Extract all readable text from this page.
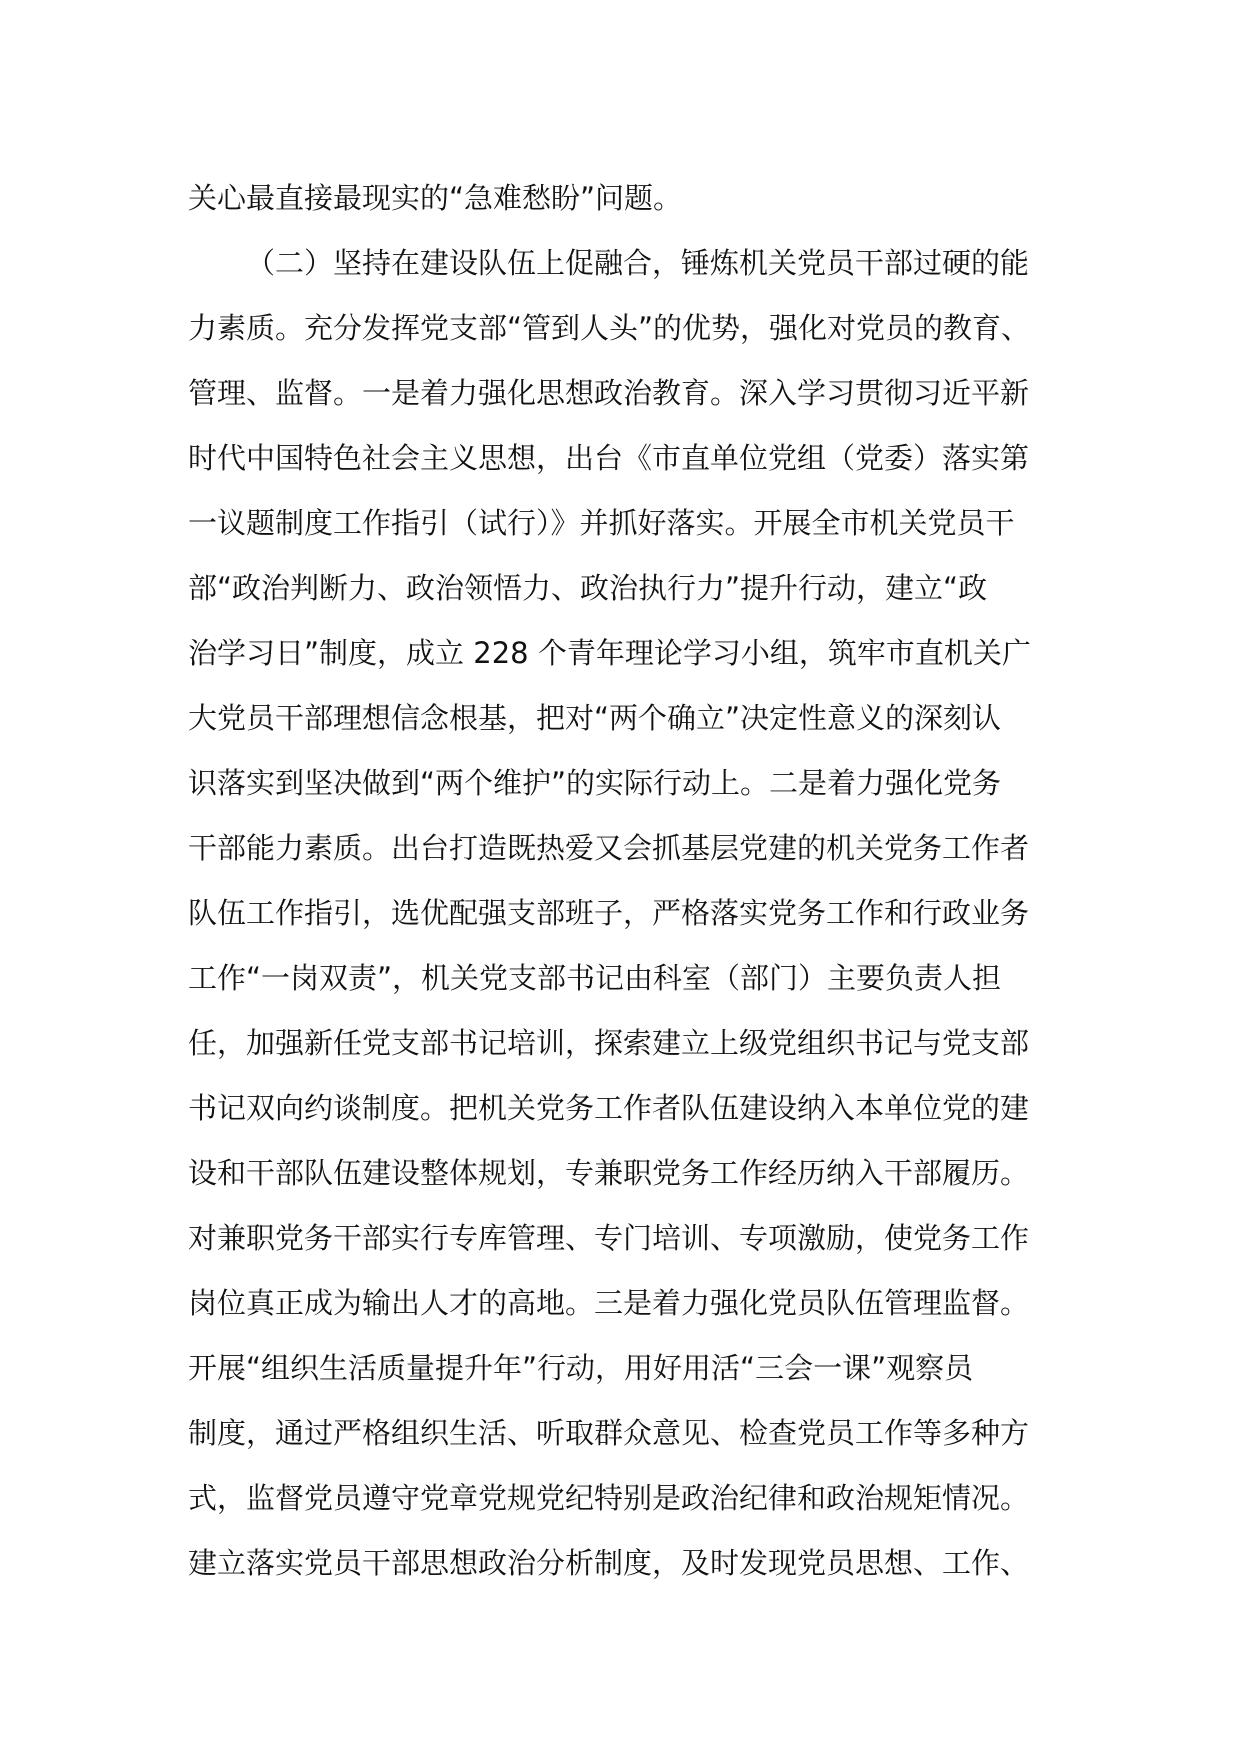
关心最直接最现实的“急难愁盼”问题。
（二）坚持在建设队伍上促融合，锤炼机关党员干部过硬的能
力素质。充分发挥党支部“管到人头”的优势，强化对党员的教育、
管理、监督。一是着力强化思想政治教育。深入学习贯彻习近平新
时代中国特色社会主义思想，出台《市直单位党组（党委）落实第
一议题制度工作指引（试行）》并抓好落实。开展全市机关党员干
部“政治判断力、政治领悟力、政治执行力”提升行动，建立“政
治学习日”制度，成立 228 个青年理论学习小组，筑牢市直机关广
大党员干部理想信念根基，把对“两个确立”决定性意义的深刻认
识落实到坚决做到“两个维护”的实际行动上。二是着力强化党务
干部能力素质。出台打造既热爱又会抓基层党建的机关党务工作者
队伍工作指引，选优配强支部班子，严格落实党务工作和行政业务
工作“一岗双责”，机关党支部书记由科室（部门）主要负责人担
任，加强新任党支部书记培训，探索建立上级党组织书记与党支部
书记双向约谈制度。把机关党务工作者队伍建设纳入本单位党的建
设和干部队伍建设整体规划，专兼职党务工作经历纳入干部履历。
对兼职党务干部实行专库管理、专门培训、专项激励，使党务工作
岗位真正成为输出人才的高地。三是着力强化党员队伍管理监督。
开展“组织生活质量提升年”行动，用好用活“三会一课”观察员
制度，通过严格组织生活、听取群众意见、检查党员工作等多种方
式，监督党员遵守党章党规党纪特别是政治纪律和政治规矩情况。
建立落实党员干部思想政治分析制度，及时发现党员思想、工作、
